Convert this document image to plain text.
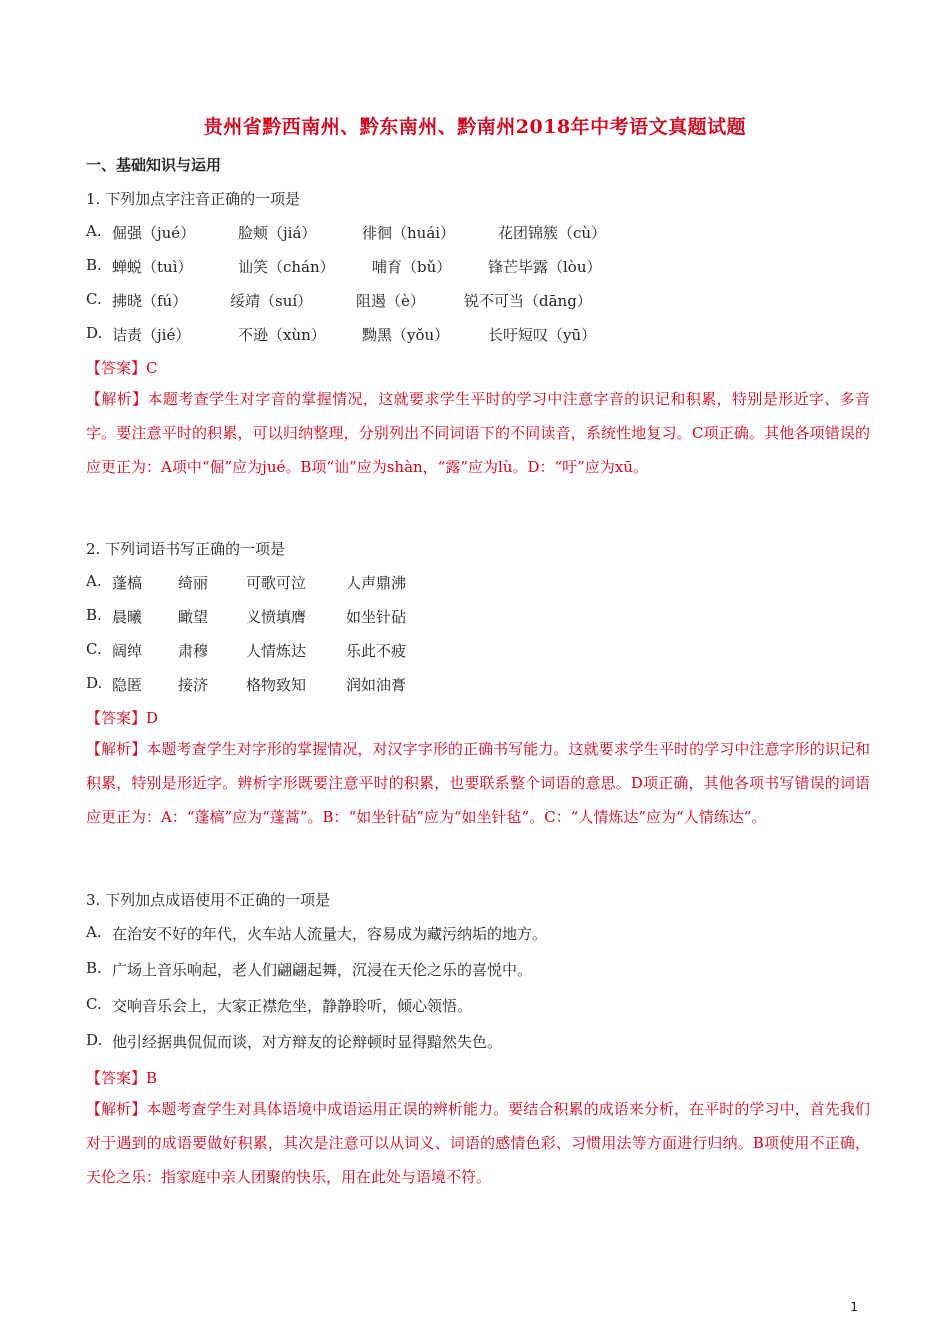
贵州省黔西南州、黔东南州、黔南州2018年中考语文真题试题
一、基础知识与运用
1. 下列加点字注音正确的一项是
A. 倔强（jué）	脸颊（jiá）	徘徊（huái）	花团锦簇（cù）
B. 蝉蜕（tuì）	讪笑（chán） 哺育（bǔ） 锋芒毕露（lòu）
C. 拂晓（fú）	绥靖（suí）	阻遏（è）	锐不可当（dāng）
D. 诘责（jié）	不逊（xùn） 黝黑（yǒu）	长吁短叹（yū）
【答案】C
【解析】本题考查学生对字音的掌握情况，这就要求学生平时的学习中注意字音的识记和积累，特别是形近字、多音字。要注意平时的积累，可以归纳整理，分别列出不同词语下的不同读音，系统性地复习。C项正确。其他各项错误的应更正为：A项中“倔”应为jué。B项“讪”应为shàn，“露”应为lù。D：“吁”应为xū。
2. 下列词语书写正确的一项是
A. 蓬槁 绮丽	可歌可泣	人声鼎沸
B. 晨曦 瞰望	义愤填膺	如坐针砧
C. 阔绰 肃穆	人情炼达	乐此不疲
D. 隐匿 接济	格物致知	润如油膏
【答案】D
【解析】本题考查学生对字形的掌握情况，对汉字字形的正确书写能力。这就要求学生平时的学习中注意字形的识记和积累，特别是形近字。辨析字形既要注意平时的积累，也要联系整个词语的意思。D项正确，其他各项书写错误的词语应更正为：A：“蓬槁”应为“蓬蒿”。B：“如坐针砧”应为“如坐针毡”。C：“人情炼达”应为“人情练达”。
3. 下列加点成语使用不正确的一项是
A. 在治安不好的年代，火车站人流量大，容易成为藏污纳垢的地方。
B. 广场上音乐响起，老人们翩翩起舞，沉浸在天伦之乐的喜悦中。
C. 交响音乐会上，大家正襟危坐，静静聆听，倾心领悟。
D. 他引经据典侃侃而谈，对方辩友的论辩顿时显得黯然失色。
【答案】B
【解析】本题考查学生对具体语境中成语运用正误的辨析能力。要结合积累的成语来分析，在平时的学习中，首先我们对于遇到的成语要做好积累，其次是注意可以从词义、词语的感情色彩、习惯用法等方面进行归纳。B项使用不正确，天伦之乐：指家庭中亲人团聚的快乐，用在此处与语境不符。
1
